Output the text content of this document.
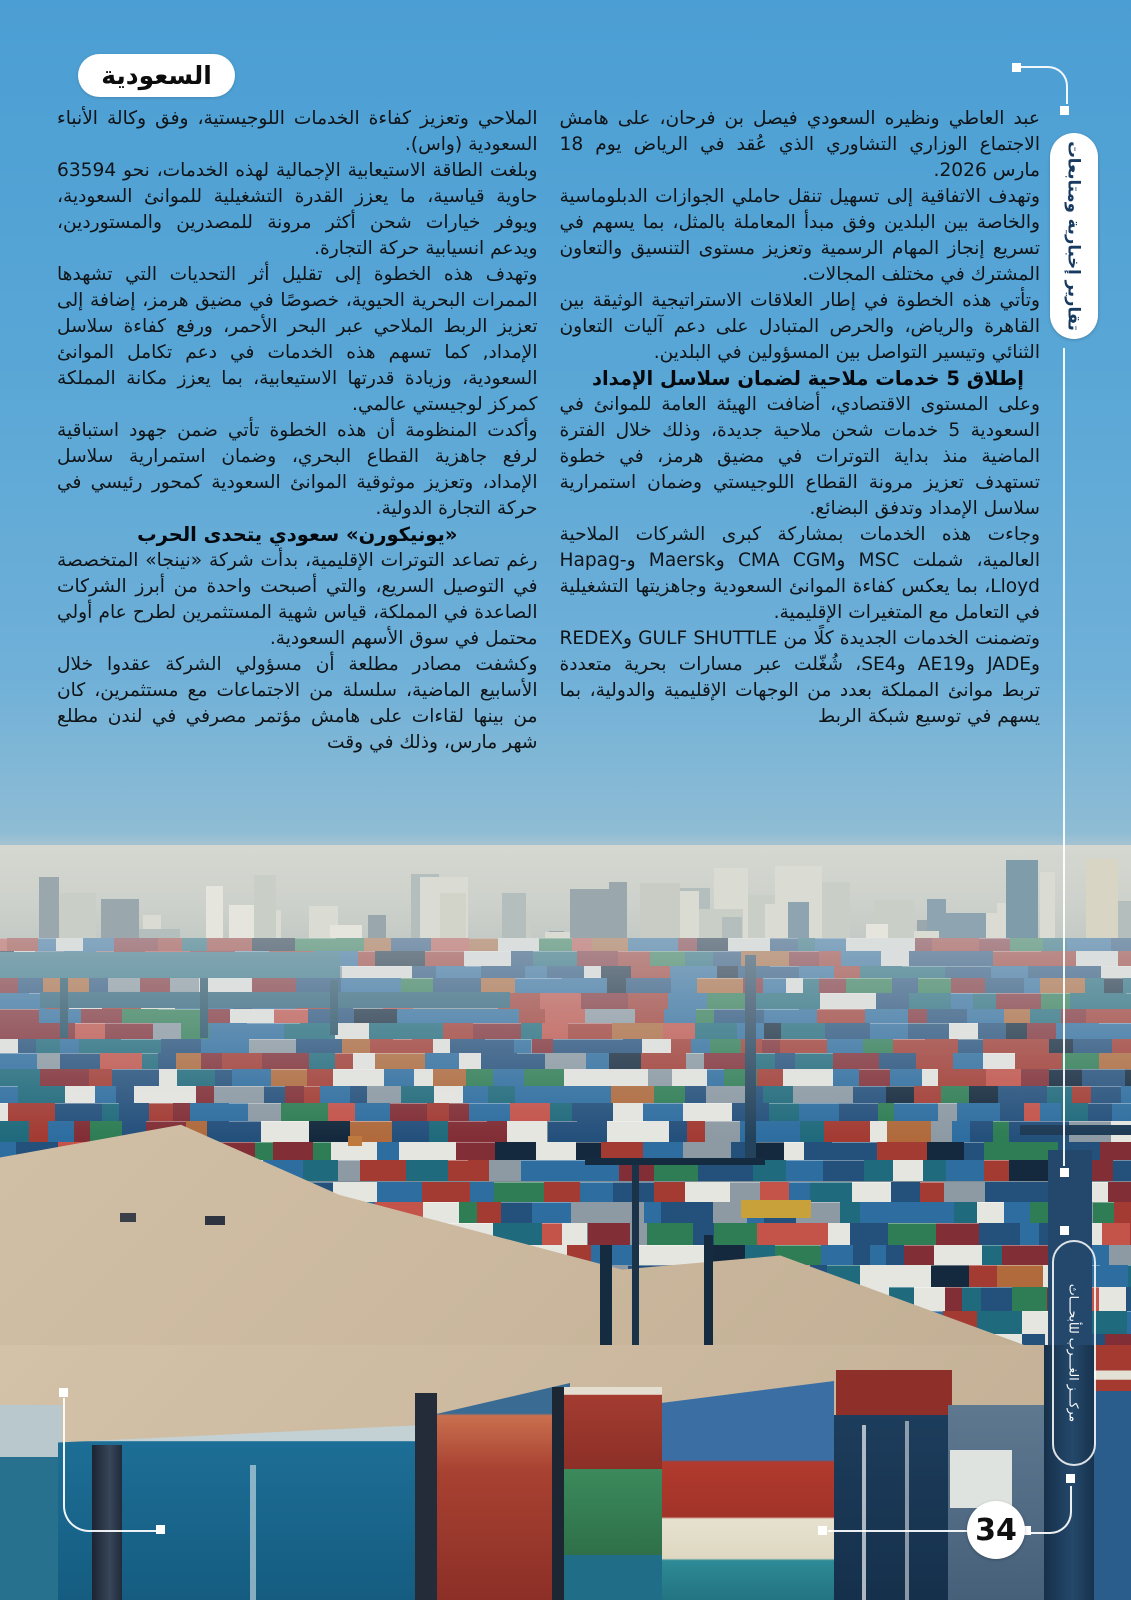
السعودية
تقارير إخبارية ومتابعات
مركـــز الغـــرب للأبحـــاث
34

عبد العاطي ونظيره السعودي فيصل بن فرحان، على هامش الاجتماع الوزاري التشاوري الذي عُقد في الرياض يوم 18 مارس 2026.

وتهدف الاتفاقية إلى تسهيل تنقل حاملي الجوازات الدبلوماسية والخاصة بين البلدين وفق مبدأ المعاملة بالمثل، بما يسهم في تسريع إنجاز المهام الرسمية وتعزيز مستوى التنسيق والتعاون المشترك في مختلف المجالات.

وتأتي هذه الخطوة في إطار العلاقات الاستراتيجية الوثيقة بين القاهرة والرياض، والحرص المتبادل على دعم آليات التعاون الثنائي وتيسير التواصل بين المسؤولين في البلدين.

إطلاق 5 خدمات ملاحية لضمان سلاسل الإمداد

وعلى المستوى الاقتصادي، أضافت الهيئة العامة للموانئ في السعودية 5 خدمات شحن ملاحية جديدة، وذلك خلال الفترة الماضية منذ بداية التوترات في مضيق هرمز، في خطوة تستهدف تعزيز مرونة القطاع اللوجيستي وضمان استمرارية سلاسل الإمداد وتدفق البضائع.

وجاءت هذه الخدمات بمشاركة كبرى الشركات الملاحية العالمية، شملت MSC وCMA CGM وMaersk وHapag-Lloyd، بما يعكس كفاءة الموانئ السعودية وجاهزيتها التشغيلية في التعامل مع المتغيرات الإقليمية.

وتضمنت الخدمات الجديدة كلًا من GULF SHUTTLE وREDEX وJADE وAE19 وSE4، شُغّلت عبر مسارات بحرية متعددة تربط موانئ المملكة بعدد من الوجهات الإقليمية والدولية، بما يسهم في توسيع شبكة الربط

الملاحي وتعزيز كفاءة الخدمات اللوجيستية، وفق وكالة الأنباء السعودية (واس).

وبلغت الطاقة الاستيعابية الإجمالية لهذه الخدمات، نحو 63594 حاوية قياسية، ما يعزز القدرة التشغيلية للموانئ السعودية، ويوفر خيارات شحن أكثر مرونة للمصدرين والمستوردين، ويدعم انسيابية حركة التجارة.

وتهدف هذه الخطوة إلى تقليل أثر التحديات التي تشهدها الممرات البحرية الحيوية، خصوصًا في مضيق هرمز، إضافة إلى تعزيز الربط الملاحي عبر البحر الأحمر، ورفع كفاءة سلاسل الإمداد, كما تسهم هذه الخدمات في دعم تكامل الموانئ السعودية، وزيادة قدرتها الاستيعابية، بما يعزز مكانة المملكة كمركز لوجيستي عالمي.

وأكدت المنظومة أن هذه الخطوة تأتي ضمن جهود استباقية لرفع جاهزية القطاع البحري، وضمان استمرارية سلاسل الإمداد، وتعزيز موثوقية الموانئ السعودية كمحور رئيسي في حركة التجارة الدولية.

«يونيكورن» سعودي يتحدى الحرب

رغم تصاعد التوترات الإقليمية، بدأت شركة «نينجا» المتخصصة في التوصيل السريع، والتي أصبحت واحدة من أبرز الشركات الصاعدة في المملكة، قياس شهية المستثمرين لطرح عام أولي محتمل في سوق الأسهم السعودية.

وكشفت مصادر مطلعة أن مسؤولي الشركة عقدوا خلال الأسابيع الماضية، سلسلة من الاجتماعات مع مستثمرين، كان من بينها لقاءات على هامش مؤتمر مصرفي في لندن مطلع شهر مارس، وذلك في وقت
